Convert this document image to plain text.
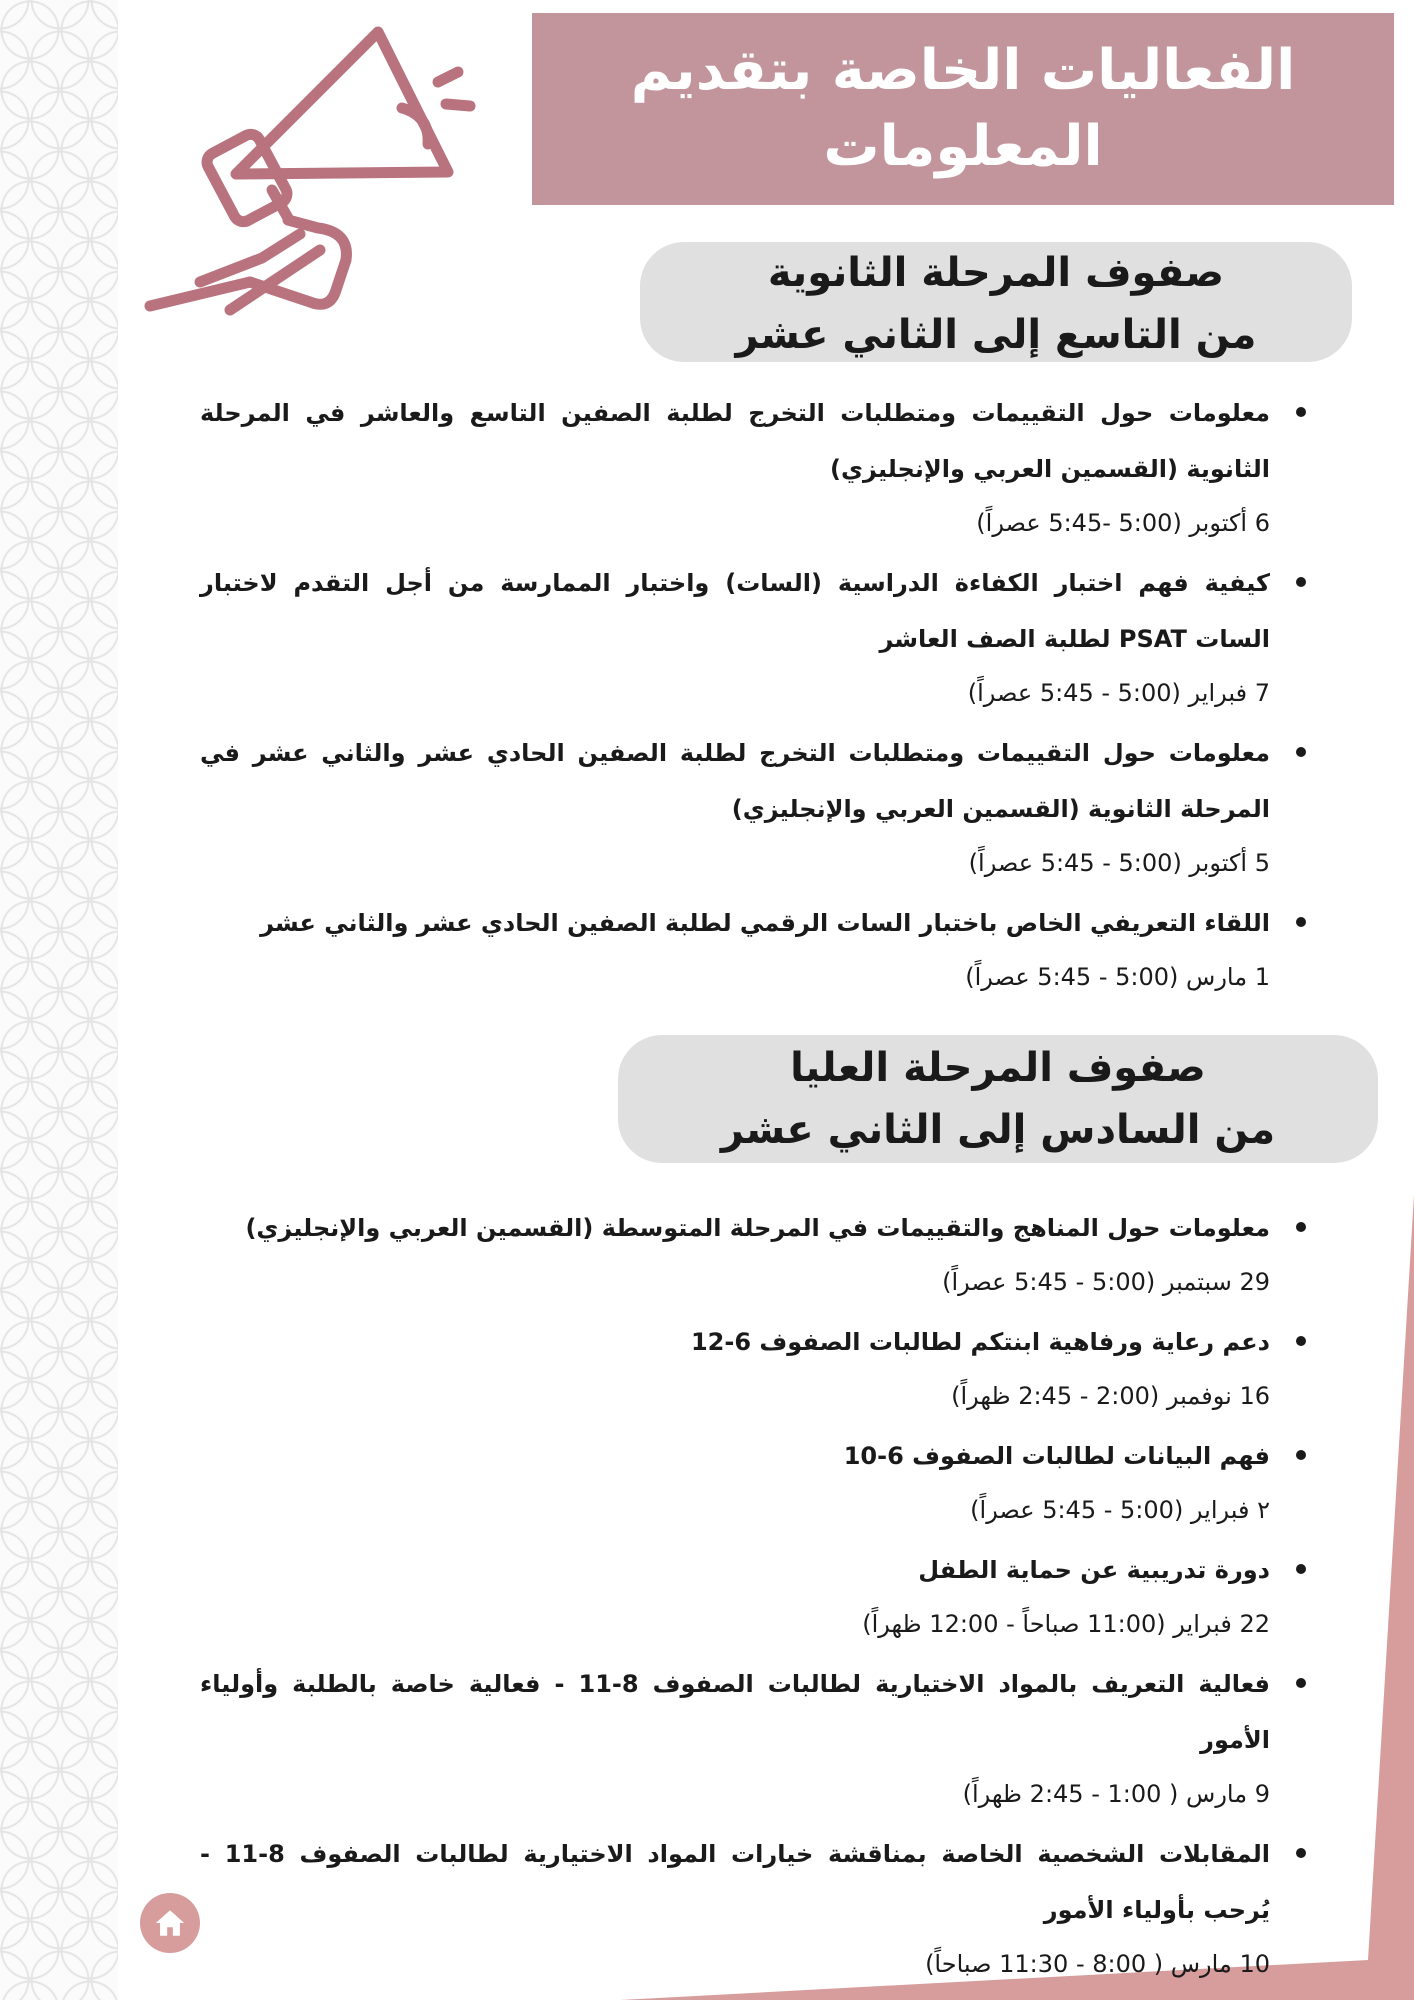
الفعاليات الخاصة بتقديم
المعلومات
صفوف المرحلة الثانوية
من التاسع إلى الثاني عشر
معلومات حول التقييمات ومتطلبات التخرج لطلبة الصفين التاسع والعاشر في المرحلة الثانوية (القسمين العربي والإنجليزي)
6 أكتوبر (5:00 -5:45 عصراً)
كيفية فهم اختبار الكفاءة الدراسية (السات) واختبار الممارسة من أجل التقدم لاختبار السات PSAT لطلبة الصف العاشر
7 فبراير (5:00 - 5:45 عصراً)
معلومات حول التقييمات ومتطلبات التخرج لطلبة الصفين الحادي عشر والثاني عشر في المرحلة الثانوية (القسمين العربي والإنجليزي)
5 أكتوبر (5:00 - 5:45 عصراً)
اللقاء التعريفي الخاص باختبار السات الرقمي لطلبة الصفين الحادي عشر والثاني عشر
1 مارس (5:00 - 5:45 عصراً)
صفوف المرحلة العليا
من السادس إلى الثاني عشر
معلومات حول المناهج والتقييمات في المرحلة المتوسطة (القسمين العربي والإنجليزي)
29 سبتمبر (5:00 - 5:45 عصراً)
دعم رعاية ورفاهية ابنتكم لطالبات الصفوف 6-12
16 نوفمبر (2:00 - 2:45 ظهراً)
فهم البيانات لطالبات الصفوف 6-10
٢ فبراير (5:00 - 5:45 عصراً)
دورة تدريبية عن حماية الطفل
22 فبراير (11:00 صباحاً - 12:00 ظهراً)
فعالية التعريف بالمواد الاختيارية لطالبات الصفوف 8-11 - فعالية خاصة بالطلبة وأولياء الأمور
9 مارس ( 1:00 - 2:45 ظهراً)
المقابلات الشخصية الخاصة بمناقشة خيارات المواد الاختيارية لطالبات الصفوف 8-11 - يُرحب بأولياء الأمور
10 مارس ( 8:00 - 11:30 صباحاً)
